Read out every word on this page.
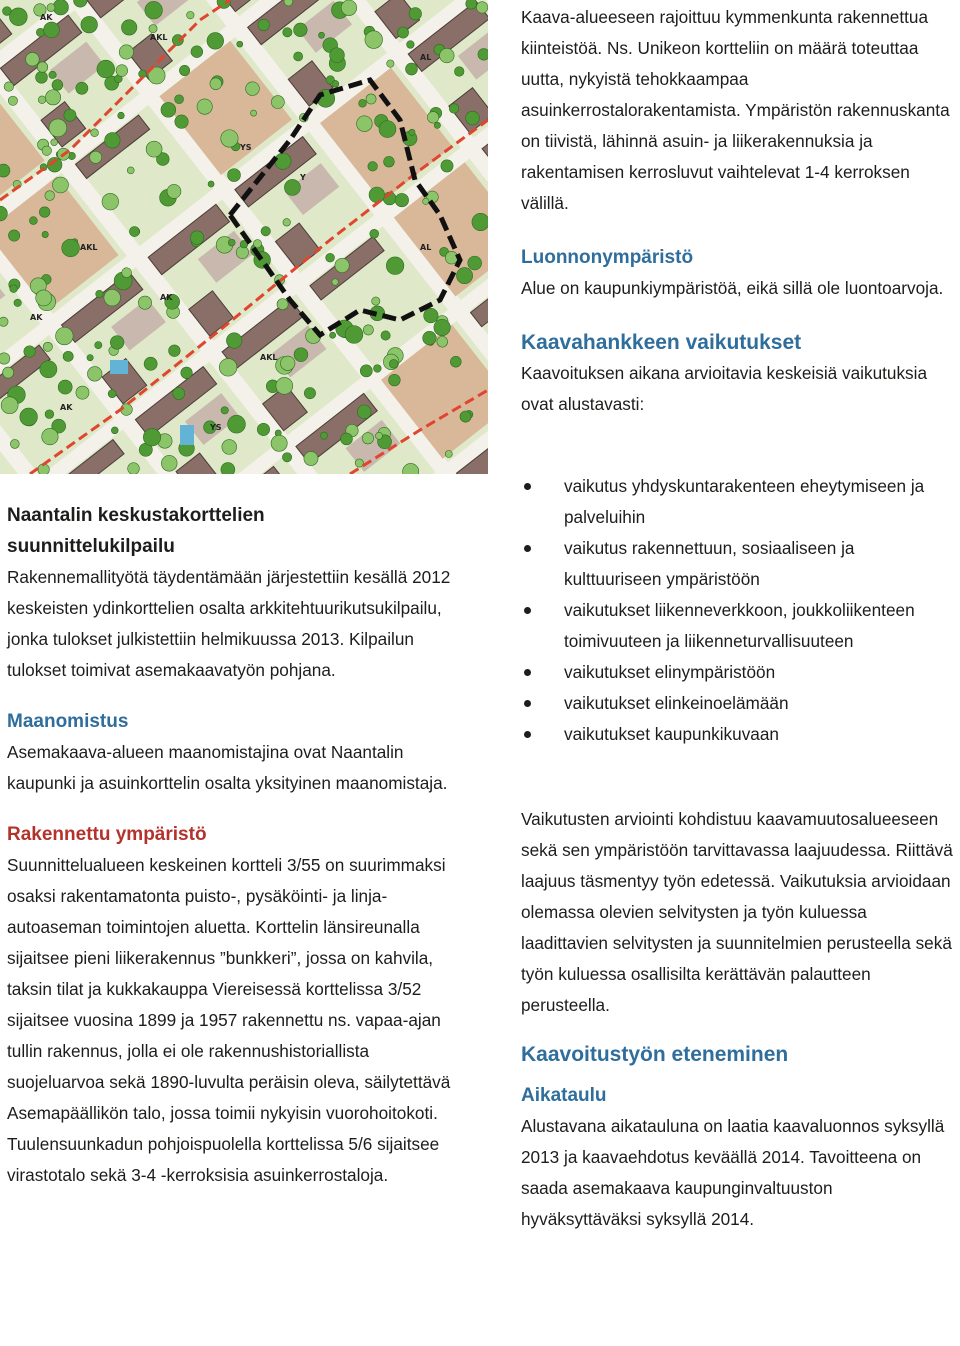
AK
AKL
AL
YS
Y
AKL
AK
AK
AKL
AL
AK
YS

Kaava-alueeseen rajoittuu kymmenkunta rakennettua kiinteistöä. Ns. Unikeon kortteliin on määrä toteuttaa uutta, nykyistä tehokkaampaa asuinkerrostalorakentamista. Ympäristön rakennuskanta on tiivistä, lähinnä asuin- ja liikerakennuksia ja rakentamisen kerrosluvut vaihtelevat 1-4 kerroksen välillä.

Luonnonympäristö

Alue on kaupunkiympäristöä, eikä sillä ole luontoarvoja.

Kaavahankkeen vaikutukset

Kaavoituksen aikana arvioitavia keskeisiä vaikutuksia ovat alustavasti:

vaikutus yhdyskuntarakenteen eheytymiseen ja palveluihin
vaikutus rakennettuun, sosiaaliseen ja kulttuuriseen ympäristöön
vaikutukset liikenneverkkoon, joukkoliikenteen toimivuuteen ja liikenneturvallisuuteen
vaikutukset elinympäristöön
vaikutukset elinkeinoelämään
vaikutukset kaupunkikuvaan

Vaikutusten arviointi kohdistuu kaavamuutosalueeseen sekä sen ympäristöön tarvittavassa laajuudessa. Riittävä laajuus täsmentyy työn edetessä. Vaikutuksia arvioidaan olemassa olevien selvitysten ja työn kuluessa laadittavien selvitysten ja suunnitelmien perusteella sekä työn kuluessa osallisilta kerättävän palautteen perusteella.

Kaavoitustyön eteneminen

Aikataulu

Alustavana aikatauluna on laatia kaavaluonnos syksyllä 2013 ja kaavaehdotus keväällä 2014. Tavoitteena on saada asemakaava kaupunginvaltuuston hyväksyttäväksi syksyllä 2014.

Naantalin keskustakorttelien suunnittelukilpailu

Rakennemallityötä täydentämään järjestettiin kesällä 2012 keskeisten ydinkorttelien osalta arkkitehtuurikutsukilpailu, jonka tulokset julkistettiin helmikuussa 2013. Kilpailun tulokset toimivat asemakaavatyön pohjana.

Maanomistus

Asemakaava-alueen maanomistajina ovat Naantalin kaupunki ja asuinkorttelin osalta yksityinen maanomistaja.

Rakennettu ympäristö

Suunnittelualueen keskeinen kortteli 3/55 on suurimmaksi osaksi rakentamatonta puisto-, pysäköinti- ja linja-autoaseman toimintojen aluetta. Korttelin länsireunalla sijaitsee pieni liikerakennus ”bunkkeri”, jossa on kahvila, taksin tilat ja kukkakauppa Viereisessä korttelissa 3/52 sijaitsee vuosina 1899 ja 1957 rakennettu ns. vapaa-ajan tullin rakennus, jolla ei ole rakennushistoriallista suojeluarvoa sekä 1890-luvulta peräisin oleva, säilytettävä Asemapäällikön talo, jossa toimii nykyisin vuorohoitokoti. Tuulensuunkadun pohjoispuolella korttelissa 5/6 sijaitsee virastotalo sekä 3-4 -kerroksisia asuinkerrostaloja.
